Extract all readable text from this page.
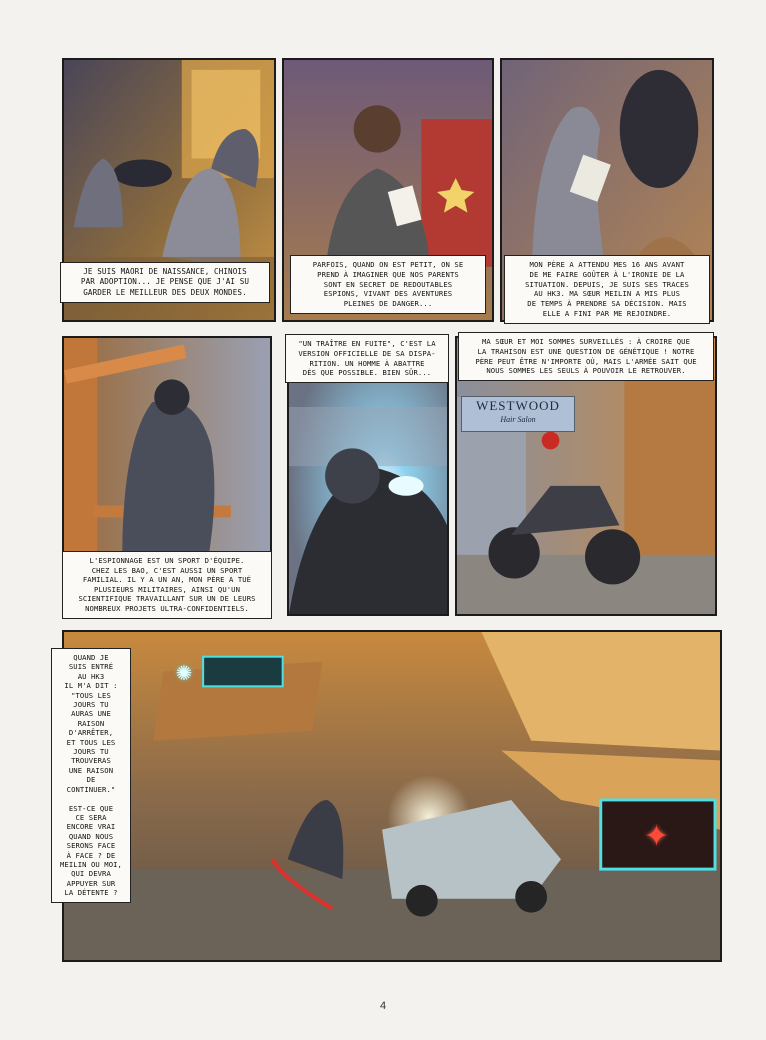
WESTWOOD
Hair Salon
✺
✦
JE SUIS MAORI DE NAISSANCE, CHINOIS
PAR ADOPTION... JE PENSE QUE J'AI SU
GARDER LE MEILLEUR DES DEUX MONDES.
PARFOIS, QUAND ON EST PETIT, ON SE
PREND À IMAGINER QUE NOS PARENTS
SONT EN SECRET DE REDOUTABLES
ESPIONS, VIVANT DES AVENTURES
PLEINES DE DANGER...
MON PÈRE A ATTENDU MES 16 ANS AVANT
DE ME FAIRE GOÛTER À L'IRONIE DE LA
SITUATION. DEPUIS, JE SUIS SES TRACES
AU HK3. MA SŒUR MEILIN A MIS PLUS
DE TEMPS À PRENDRE SA DÉCISION. MAIS
ELLE A FINI PAR ME REJOINDRE.
L'ESPIONNAGE EST UN SPORT D'ÉQUIPE.
CHEZ LES BAO, C'EST AUSSI UN SPORT
FAMILIAL. IL Y A UN AN, MON PÈRE A TUÉ
PLUSIEURS MILITAIRES, AINSI QU'UN
SCIENTIFIQUE TRAVAILLANT SUR UN DE LEURS
NOMBREUX PROJETS ULTRA-CONFIDENTIELS.
"UN TRAÎTRE EN FUITE", C'EST LA
VERSION OFFICIELLE DE SA DISPA-
RITION. UN HOMME À ABATTRE
DÈS QUE POSSIBLE. BIEN SÛR...
MA SŒUR ET MOI SOMMES SURVEILLÉS : À CROIRE QUE
LA TRAHISON EST UNE QUESTION DE GÉNÉTIQUE ! NOTRE
PÈRE PEUT ÊTRE N'IMPORTE OÙ, MAIS L'ARMÉE SAIT QUE
NOUS SOMMES LES SEULS À POUVOIR LE RETROUVER.
QUAND JE
SUIS ENTRÉ
AU HK3
IL M'A DIT :
"TOUS LES
JOURS TU
AURAS UNE
RAISON
D'ARRÊTER,
ET TOUS LES
JOURS TU
TROUVERAS
UNE RAISON
DE
CONTINUER."

EST-CE QUE
CE SERA
ENCORE VRAI
QUAND NOUS
SERONS FACE
À FACE ? DE
MEILIN OU MOI,
QUI DEVRA
APPUYER SUR
LA DÉTENTE ?
4
